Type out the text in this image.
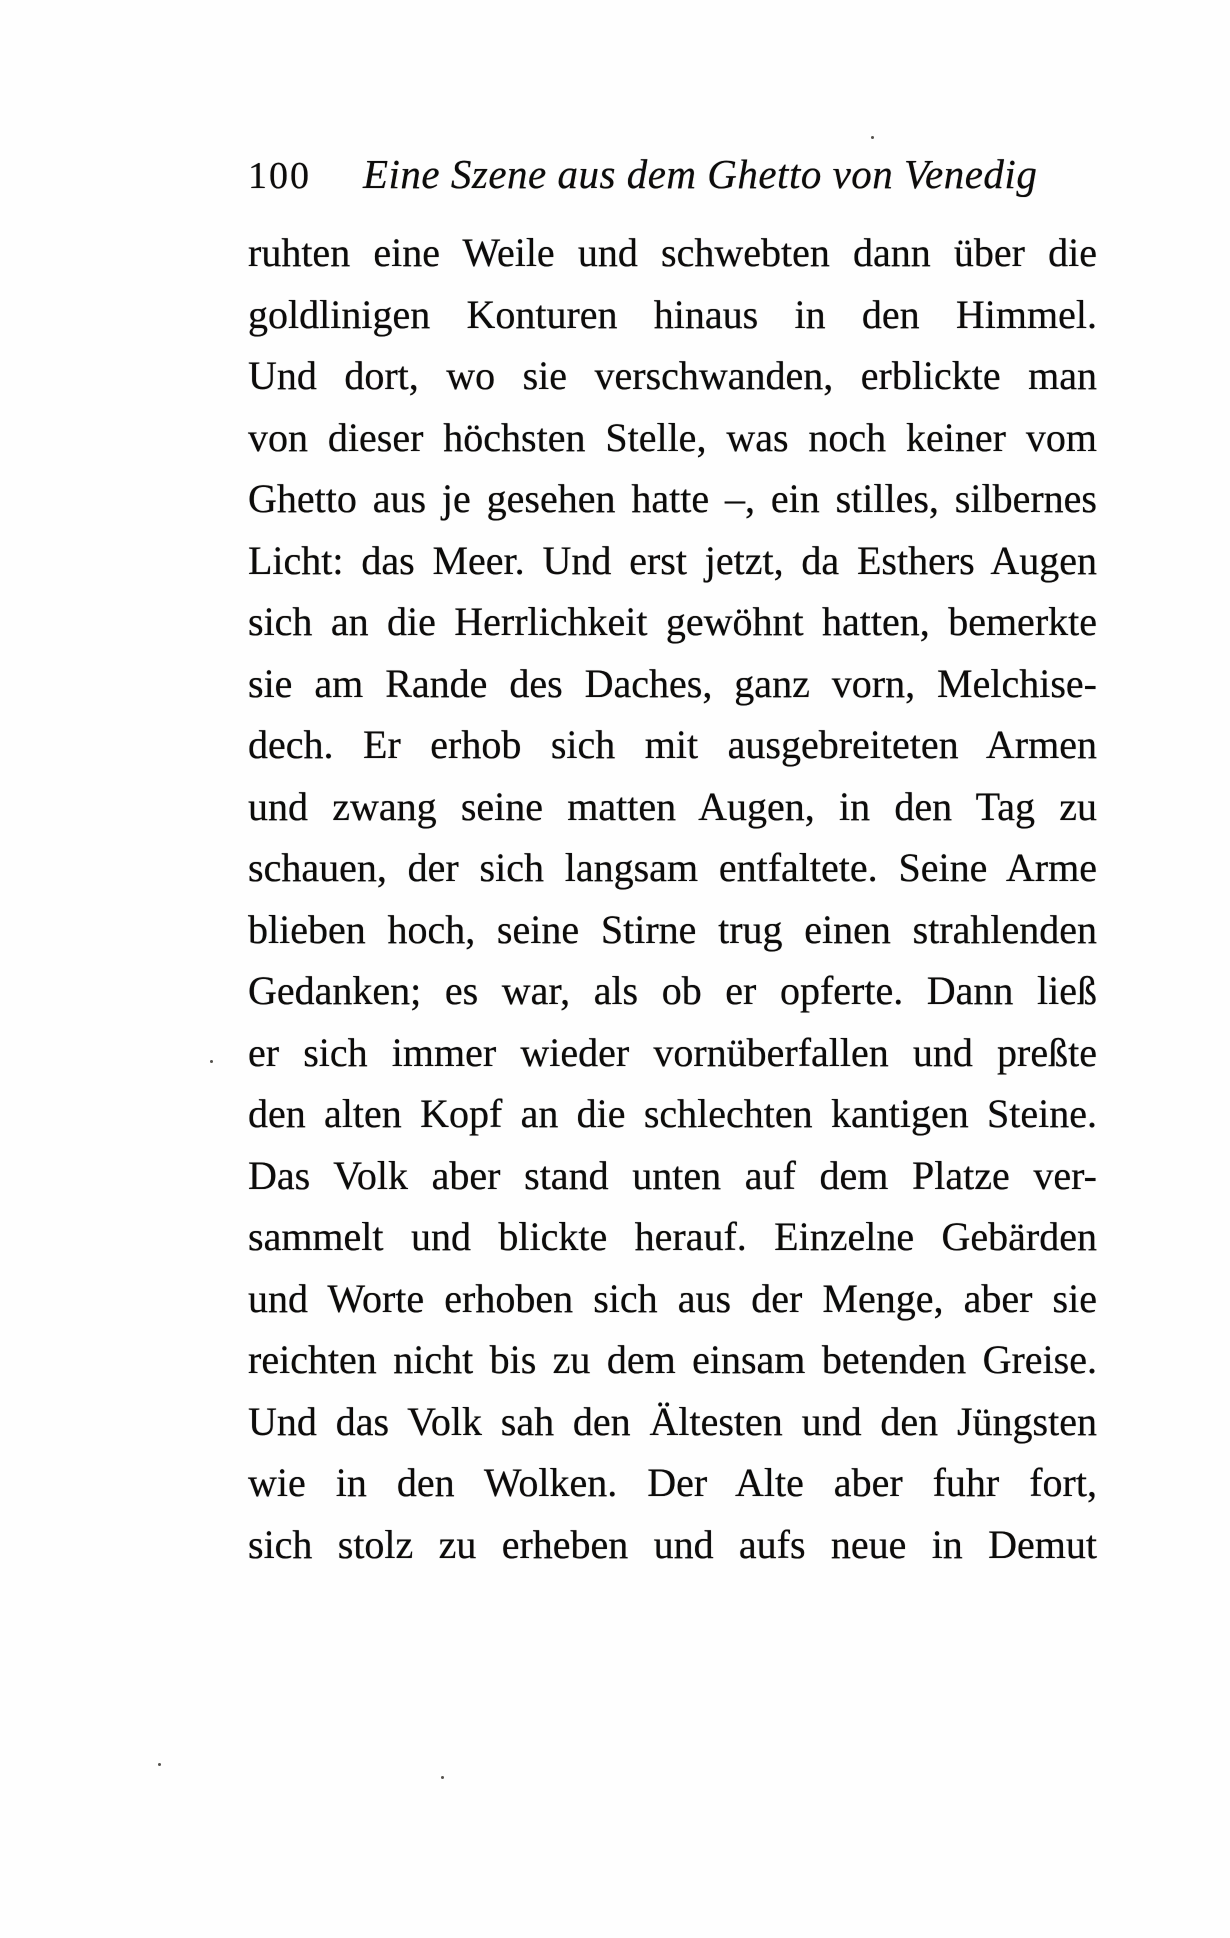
100 Eine Szene aus dem Ghetto von Venedig
ruhten eine Weile und schwebten dann über die
goldlinigen Konturen hinaus in den Himmel.
Und dort, wo sie verschwanden, erblickte man
von dieser höchsten Stelle, was noch keiner vom
Ghetto aus je gesehen hatte –, ein stilles, silbernes
Licht: das Meer. Und erst jetzt, da Esthers Augen
sich an die Herrlichkeit gewöhnt hatten, bemerkte
sie am Rande des Daches, ganz vorn, Melchise-
dech. Er erhob sich mit ausgebreiteten Armen
und zwang seine matten Augen, in den Tag zu
schauen, der sich langsam entfaltete. Seine Arme
blieben hoch, seine Stirne trug einen strahlenden
Gedanken; es war, als ob er opferte. Dann ließ
er sich immer wieder vornüberfallen und preßte
den alten Kopf an die schlechten kantigen Steine.
Das Volk aber stand unten auf dem Platze ver-
sammelt und blickte herauf. Einzelne Gebärden
und Worte erhoben sich aus der Menge, aber sie
reichten nicht bis zu dem einsam betenden Greise.
Und das Volk sah den Ältesten und den Jüngsten
wie in den Wolken. Der Alte aber fuhr fort,
sich stolz zu erheben und aufs neue in Demut
